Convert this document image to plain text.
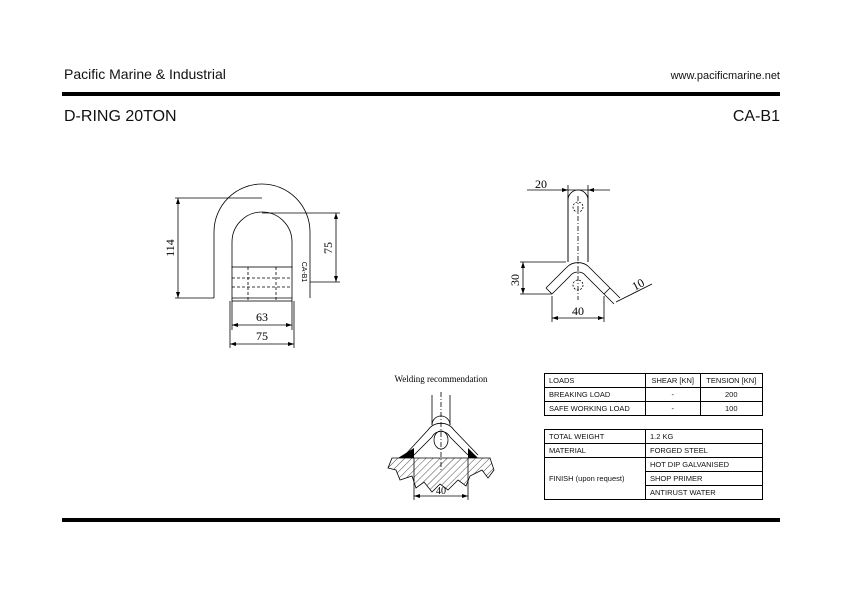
Pacific Marine & Industrial	www.pacificmarine.net
D-RING 20TON	CA-B1
114	75
63
75
CA-B1
20
30
40
10
Welding recommendation
40
LOADS	SHEAR [KN]	TENSION [KN]
BREAKING LOAD	-	200
SAFE WORKING LOAD	-	100
TOTAL WEIGHT	1.2 KG
MATERIAL	FORGED STEEL
FINISH (upon request)	HOT DIP GALVANISED
	SHOP PRIMER
	ANTIRUST WATER
